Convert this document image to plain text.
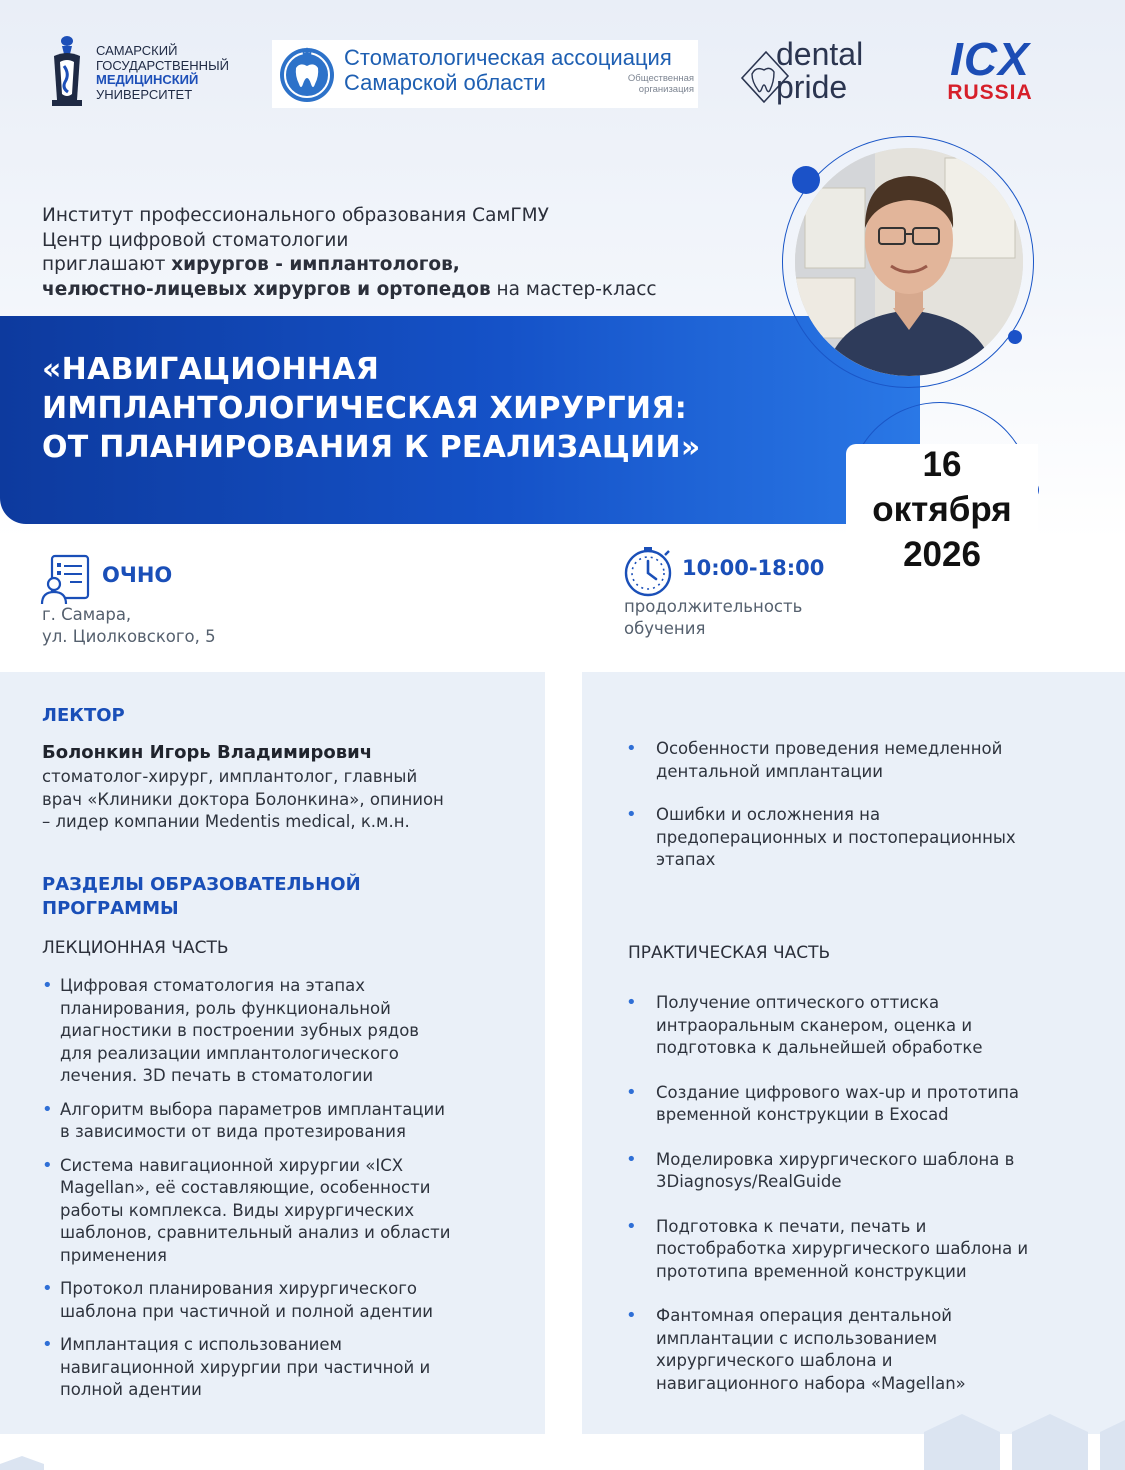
САМАРСКИЙ
ГОСУДАРСТВЕННЫЙ
МЕДИЦИНСКИЙ
УНИВЕРСИТЕТ
Стоматологическая ассоциация
Самарской области	Общественная
организация
dental
pride
ICX
RUSSIA

Институт профессионального образования СамГМУ

Центр цифровой стоматологии

приглашают хирургов - имплантологов,

челюстно-лицевых хирургов и ортопедов на мастер-класс

«НАВИГАЦИОННАЯ
ИМПЛАНТОЛОГИЧЕСКАЯ ХИРУРГИЯ:
ОТ ПЛАНИРОВАНИЯ К РЕАЛИЗАЦИИ»	16
октября
2026
ОЧНО
г. Самара,
ул. Циолковского, 5
10:00-18:00
продолжительность
обучения
ЛЕКТОР
Болонкин Игорь Владимирович
стоматолог-хирург, имплантолог, главный
врач «Клиники доктора Болонкина», опинион
– лидер компании Medentis medical, к.м.н.
РАЗДЕЛЫ ОБРАЗОВАТЕЛЬНОЙ
ПРОГРАММЫ
ЛЕКЦИОННАЯ ЧАСТЬ
• Цифровая стоматология на этапах
планирования, роль функциональной
диагностики в построении зубных рядов
для реализации имплантологического
лечения. 3D печать в стоматологии
• Алгоритм выбора параметров имплантации
в зависимости от вида протезирования
• Система навигационной хирургии «ICX
Magellan», её составляющие, особенности
работы комплекса. Виды хирургических
шаблонов, сравнительный анализ и области
применения
• Протокол планирования хирургического
шаблона при частичной и полной адентии
• Имплантация с использованием
навигационной хирургии при частичной и
полной адентии
• Особенности проведения немедленной
дентальной имплантации
• Ошибки и осложнения на
предоперационных и постоперационных
этапах
ПРАКТИЧЕСКАЯ ЧАСТЬ
• Получение оптического оттиска
интраоральным сканером, оценка и
подготовка к дальнейшей обработке
• Создание цифрового wax-up и прототипа
временной конструкции в Exocad
• Моделировка хирургического шаблона в
3Diagnosys/RealGuide
• Подготовка к печати, печать и
постобработка хирургического шаблона и
прототипа временной конструкции
• Фантомная операция дентальной
имплантации с использованием
хирургического шаблона и
навигационного набора «Magellan»
